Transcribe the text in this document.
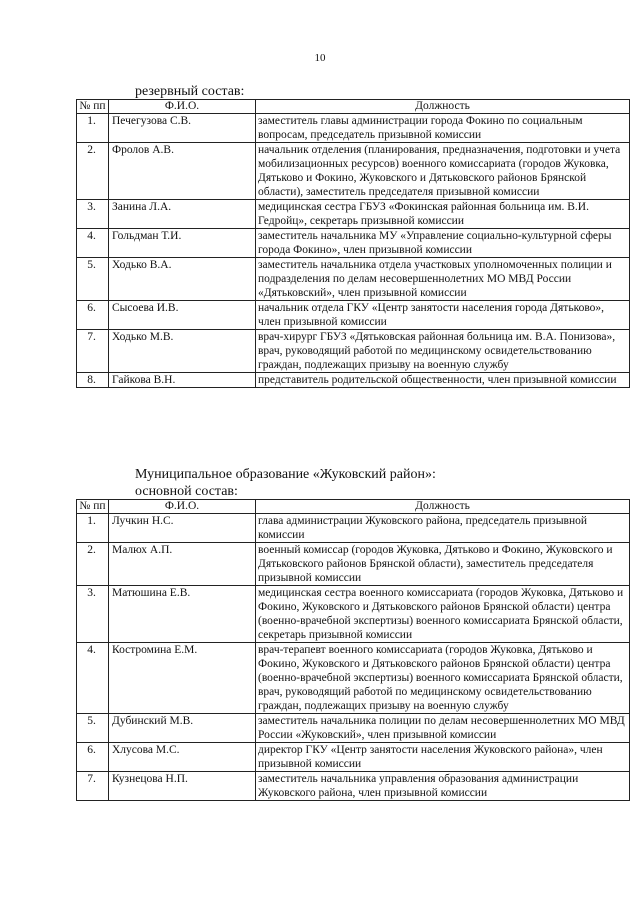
10
резервный состав:
№ пп	Ф.И.О.	Должность
1.	Печегузова С.В.	заместитель главы администрации города Фокино по социальным вопросам, председатель призывной комиссии
2.	Фролов А.В.	начальник отделения (планирования, предназначения, подготовки и учета мобилизационных ресурсов) военного комиссариата (городов Жуковка, Дятьково и Фокино, Жуковского и Дятьковского районов Брянской области), заместитель председателя призывной комиссии
3.	Занина Л.А.	медицинская сестра ГБУЗ «Фокинская районная больница им. В.И. Гедройц», секретарь призывной комиссии
4.	Гольдман Т.И.	заместитель начальника МУ «Управление социально-культурной сферы города Фокино», член призывной комиссии
5.	Ходько В.А.	заместитель начальника отдела участковых уполномоченных полиции и подразделения по делам несовершеннолетних МО МВД России «Дятьковский», член призывной комиссии
6.	Сысоева И.В.	начальник отдела ГКУ «Центр занятости населения города Дятьково», член призывной комиссии
7.	Ходько М.В.	врач-хирург ГБУЗ «Дятьковская районная больница им. В.А. Понизова», врач, руководящий работой по медицинскому освидетельствованию граждан, подлежащих призыву на военную службу
8.	Гайкова В.Н.	представитель родительской общественности, член призывной комиссии
Муниципальное образование «Жуковский район»:
основной состав:
№ пп	Ф.И.О.	Должность
1.	Лучкин Н.С.	глава администрации Жуковского района, председатель призывной комиссии
2.	Малюх А.П.	военный комиссар (городов Жуковка, Дятьково и Фокино, Жуковского и Дятьковского районов Брянской области), заместитель председателя призывной комиссии
3.	Матюшина Е.В.	медицинская сестра военного комиссариата (городов Жуковка, Дятьково и Фокино, Жуковского и Дятьковского районов Брянской области) центра (военно-врачебной экспертизы) военного комиссариата Брянской области, секретарь призывной комиссии
4.	Костромина Е.М.	врач-терапевт военного комиссариата (городов Жуковка, Дятьково и Фокино, Жуковского и Дятьковского районов Брянской области) центра (военно-врачебной экспертизы) военного комиссариата Брянской области, врач, руководящий работой по медицинскому освидетельствованию граждан, подлежащих призыву на военную службу
5.	Дубинский М.В.	заместитель начальника полиции по делам несовершеннолетних МО МВД России «Жуковский», член призывной комиссии
6.	Хлусова М.С.	директор ГКУ «Центр занятости населения Жуковского района», член призывной комиссии
7.	Кузнецова Н.П.	заместитель начальника управления образования администрации Жуковского района, член призывной комиссии
